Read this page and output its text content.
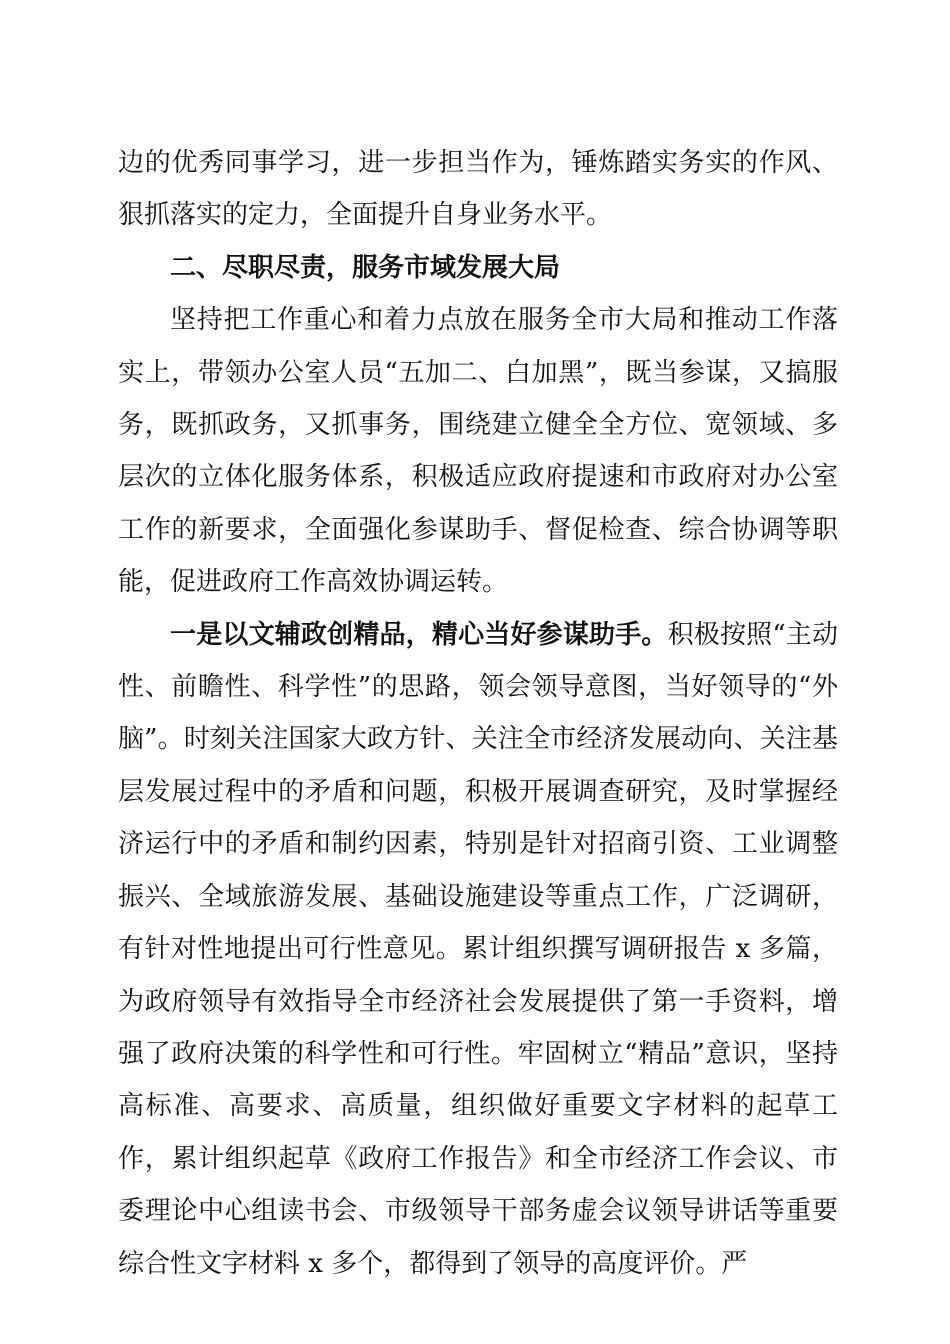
边的优秀同事学习，进一步担当作为，锤炼踏实务实的作风、狠抓落实的定力，全面提升自身业务水平。

二、尽职尽责，服务市域发展大局

坚持把工作重心和着力点放在服务全市大局和推动工作落实上，带领办公室人员“五加二、白加黑”，既当参谋，又搞服务，既抓政务，又抓事务，围绕建立健全全方位、宽领域、多层次的立体化服务体系，积极适应政府提速和市政府对办公室工作的新要求，全面强化参谋助手、督促检查、综合协调等职能，促进政府工作高效协调运转。

一是以文辅政创精品，精心当好参谋助手。积极按照“主动性、前瞻性、科学性”的思路，领会领导意图，当好领导的“外脑”。时刻关注国家大政方针、关注全市经济发展动向、关注基层发展过程中的矛盾和问题，积极开展调查研究，及时掌握经济运行中的矛盾和制约因素，特别是针对招商引资、工业调整振兴、全域旅游发展、基础设施建设等重点工作，广泛调研，有针对性地提出可行性意见。累计组织撰写调研报告 x 多篇，为政府领导有效指导全市经济社会发展提供了第一手资料，增强了政府决策的科学性和可行性。牢固树立“精品”意识，坚持高标准、高要求、高质量，组织做好重要文字材料的起草工作，累计组织起草《政府工作报告》和全市经济工作会议、市委理论中心组读书会、市级领导干部务虚会议领导讲话等重要综合性文字材料 x 多个，都得到了领导的高度评价。严
